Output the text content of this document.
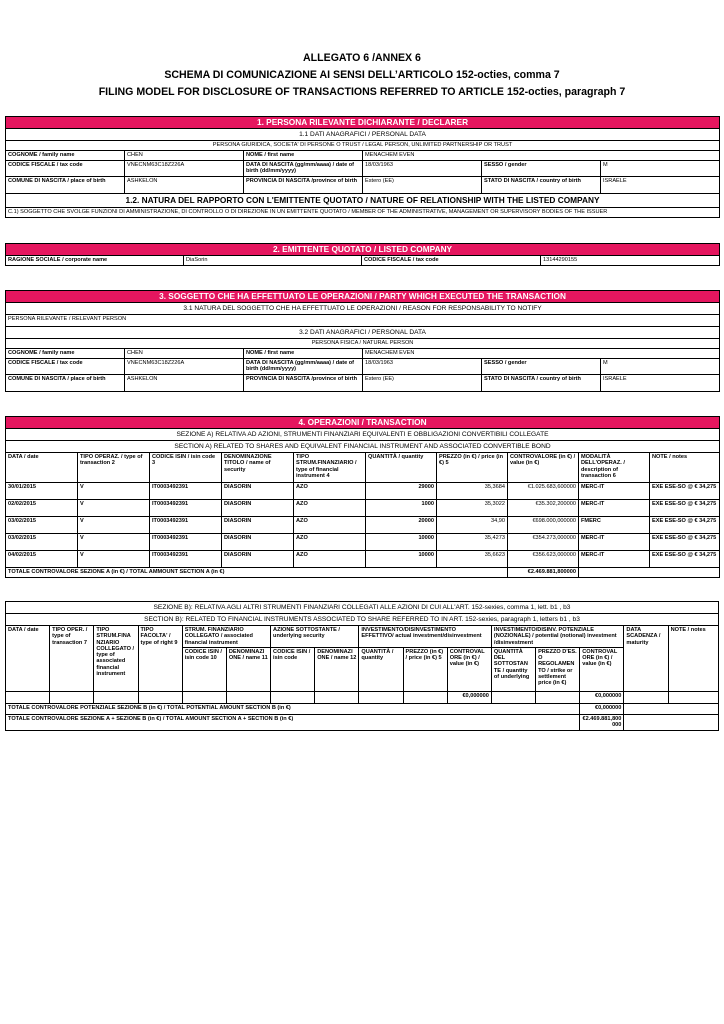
ALLEGATO 6 /ANNEX 6
SCHEMA DI COMUNICAZIONE AI SENSI DELL’ARTICOLO 152-octies, comma 7
FILING MODEL FOR DISCLOSURE OF TRANSACTIONS REFERRED TO ARTICLE 152-octies, paragraph 7
1. PERSONA RILEVANTE DICHIARANTE / DECLARER					
1.1 DATI ANAGRAFICI / PERSONAL DATA					
PERSONA GIURIDICA, SOCIETA' DI PERSONE O TRUST / LEGAL PERSON, UNLIMITED PARTNERSHIP OR TRUST					
COGNOME / family name	CHEN	NOME / first name	MENACHEM EVEN		
CODICE FISCALE / tax code	VNECNM63C18Z226A	DATA DI NASCITA (gg/mm/aaaa) / date of birth (dd/mm/yyyy)	18/03/1963	SESSO / gender	M
COMUNE DI NASCITA / place of birth	ASHKELON	PROVINCIA DI NASCITA /province of birth	Estero (EE)	STATO DI NASCITA / country of birth	ISRAELE
1.2. NATURA DEL RAPPORTO CON L'EMITTENTE QUOTATO / NATURE OF RELATIONSHIP WITH THE LISTED COMPANY					
C.1) SOGGETTO CHE SVOLGE FUNZIONI DI AMMINISTRAZIONE, DI CONTROLLO O DI DIREZIONE IN UN EMITTENTE QUOTATO / MEMBER OF THE ADMINISTRATIVE, MANAGEMENT OR SUPERVISORY BODIES OF THE ISSUER					
2. EMITTENTE QUOTATO / LISTED COMPANY
RAGIONE SOCIALE / corporate name	DiaSorin	CODICE FISCALE / tax code	13144290155
3. SOGGETTO CHE HA EFFETTUATO LE OPERAZIONI / PARTY WHICH EXECUTED THE TRANSACTION					
3.1 NATURA DEL SOGGETTO CHE HA EFFETTUATO LE OPERAZIONI / REASON FOR RESPONSABILITY TO NOTIFY					
PERSONA RILEVANTE / RELEVANT PERSON					
3.2 DATI ANAGRAFICI / PERSONAL DATA					
PERSONA FISICA / NATURAL PERSON					
COGNOME / family name	CHEN	NOME / first name	MENACHEM EVEN		
CODICE FISCALE / tax code	VNECNM63C18Z226A	DATA DI NASCITA (gg/mm/aaaa) / date of birth (dd/mm/yyyy)	18/03/1963	SESSO / gender	M
COMUNE DI NASCITA / place of birth	ASHKELON	PROVINCIA DI NASCITA /province of birth	Estero (EE)	STATO DI NASCITA / country of birth	ISRAELE
4. OPERAZIONI / TRANSACTION									
SEZIONE A) RELATIVA AD AZIONI, STRUMENTI FINANZIARI EQUIVALENTI E OBBLIGAZIONI CONVERTIBILI COLLEGATE									
SECTION A) RELATED TO SHARES AND EQUIVALENT FINANCIAL INSTRUMENT AND ASSOCIATED CONVERTIBLE BOND									
DATA / date	TIPO OPERAZ. / type of transaction 2	CODICE ISIN / isin code 3	DENOMINAZIONE TITOLO / name of security	TIPO STRUM.FINANZIARIO / type of financial instrument 4	QUANTITÀ / quantity	PREZZO (in €) / price (in €) 5	CONTROVALORE (in €) / value (in €)	MODALITÀ DELL'OPERAZ. / description of transaction 6	NOTE / notes
30/01/2015	V	IT0003492391	DIASORIN	AZO	29000	35,3684	€1.025.683,600000	MERC-IT	EXE ESE-SO @ € 34,275
02/02/2015	V	IT0003492391	DIASORIN	AZO	1000	35,3022	€35.302,200000	MERC-IT	EXE ESE-SO @ € 34,275
03/02/2015	V	IT0003492391	DIASORIN	AZO	20000	34,90	€698.000,000000	FMERC	EXE ESE-SO @ € 34,275
03/02/2015	V	IT0003492391	DIASORIN	AZO	10000	35,4273	€354.273,000000	MERC-IT	EXE ESE-SO @ € 34,275
04/02/2015	V	IT0003492391	DIASORIN	AZO	10000	35,6623	€356.623,000000	MERC-IT	EXE ESE-SO @ € 34,275
TOTALE CONTROVALORE SEZIONE A (in €) / TOTAL AMMOUNT SECTION A (in €)							€2.469.881,800000		
SEZIONE B): RELATIVA AGLI ALTRI STRUMENTI FINANZIARI COLLEGATI ALLE AZIONI DI CUI ALL'ART. 152-sexies, comma 1, lett. b1 , b3															
SECTION B): RELATED TO FINANCIAL INSTRUMENTS ASSOCIATED TO SHARE REFERRED TO IN ART. 152-sexies, paragraph 1, letters b1 , b3															
DATA / date	TIPO OPER. / type of transaction 7	TIPO STRUM.FINA NZIARIO COLLEGATO / type of associated financial instrument	TIPO FACOLTA' / type of right 9	STRUM. FINANZIARIO COLLEGATO / associated financial instrument		AZIONE SOTTOSTANTE / underlying security		INVESTIMENTO/DISINVESTIMENTO EFFETTIVO/ actual investment/disinvestment			INVESTIMENTO/DISINV. POTENZIALE (NOZIONALE) / potential (notional) investment /disinvestment			DATA SCADENZA / maturity	NOTE / notes
				CODICE ISIN / isin code 10	DENOMINAZI ONE / name 11	CODICE ISIN / isin code	DENOMINAZI ONE / name 12	QUANTITÀ / quantity	PREZZO (in €) / price (in €) 5	CONTROVAL ORE (in €) / value (in €)	QUANTITÀ DEL SOTTOSTAN TE / quantity of underlying	PREZZO D'ES. O REGOLAMEN TO / strike or settlement price (in €)	CONTROVAL ORE (in €) / value (in €)		
										€0,000000			€0,000000		
TOTALE CONTROVALORE POTENZIALE SEZIONE B (in €) / TOTAL POTENTIAL AMOUNT SECTION B (in €)													€0,000000		
TOTALE CONTROVALORE SEZIONE A + SEZIONE B (in €) / TOTAL AMOUNT SECTION A + SECTION B (in €)													€2.469.881,800000		
